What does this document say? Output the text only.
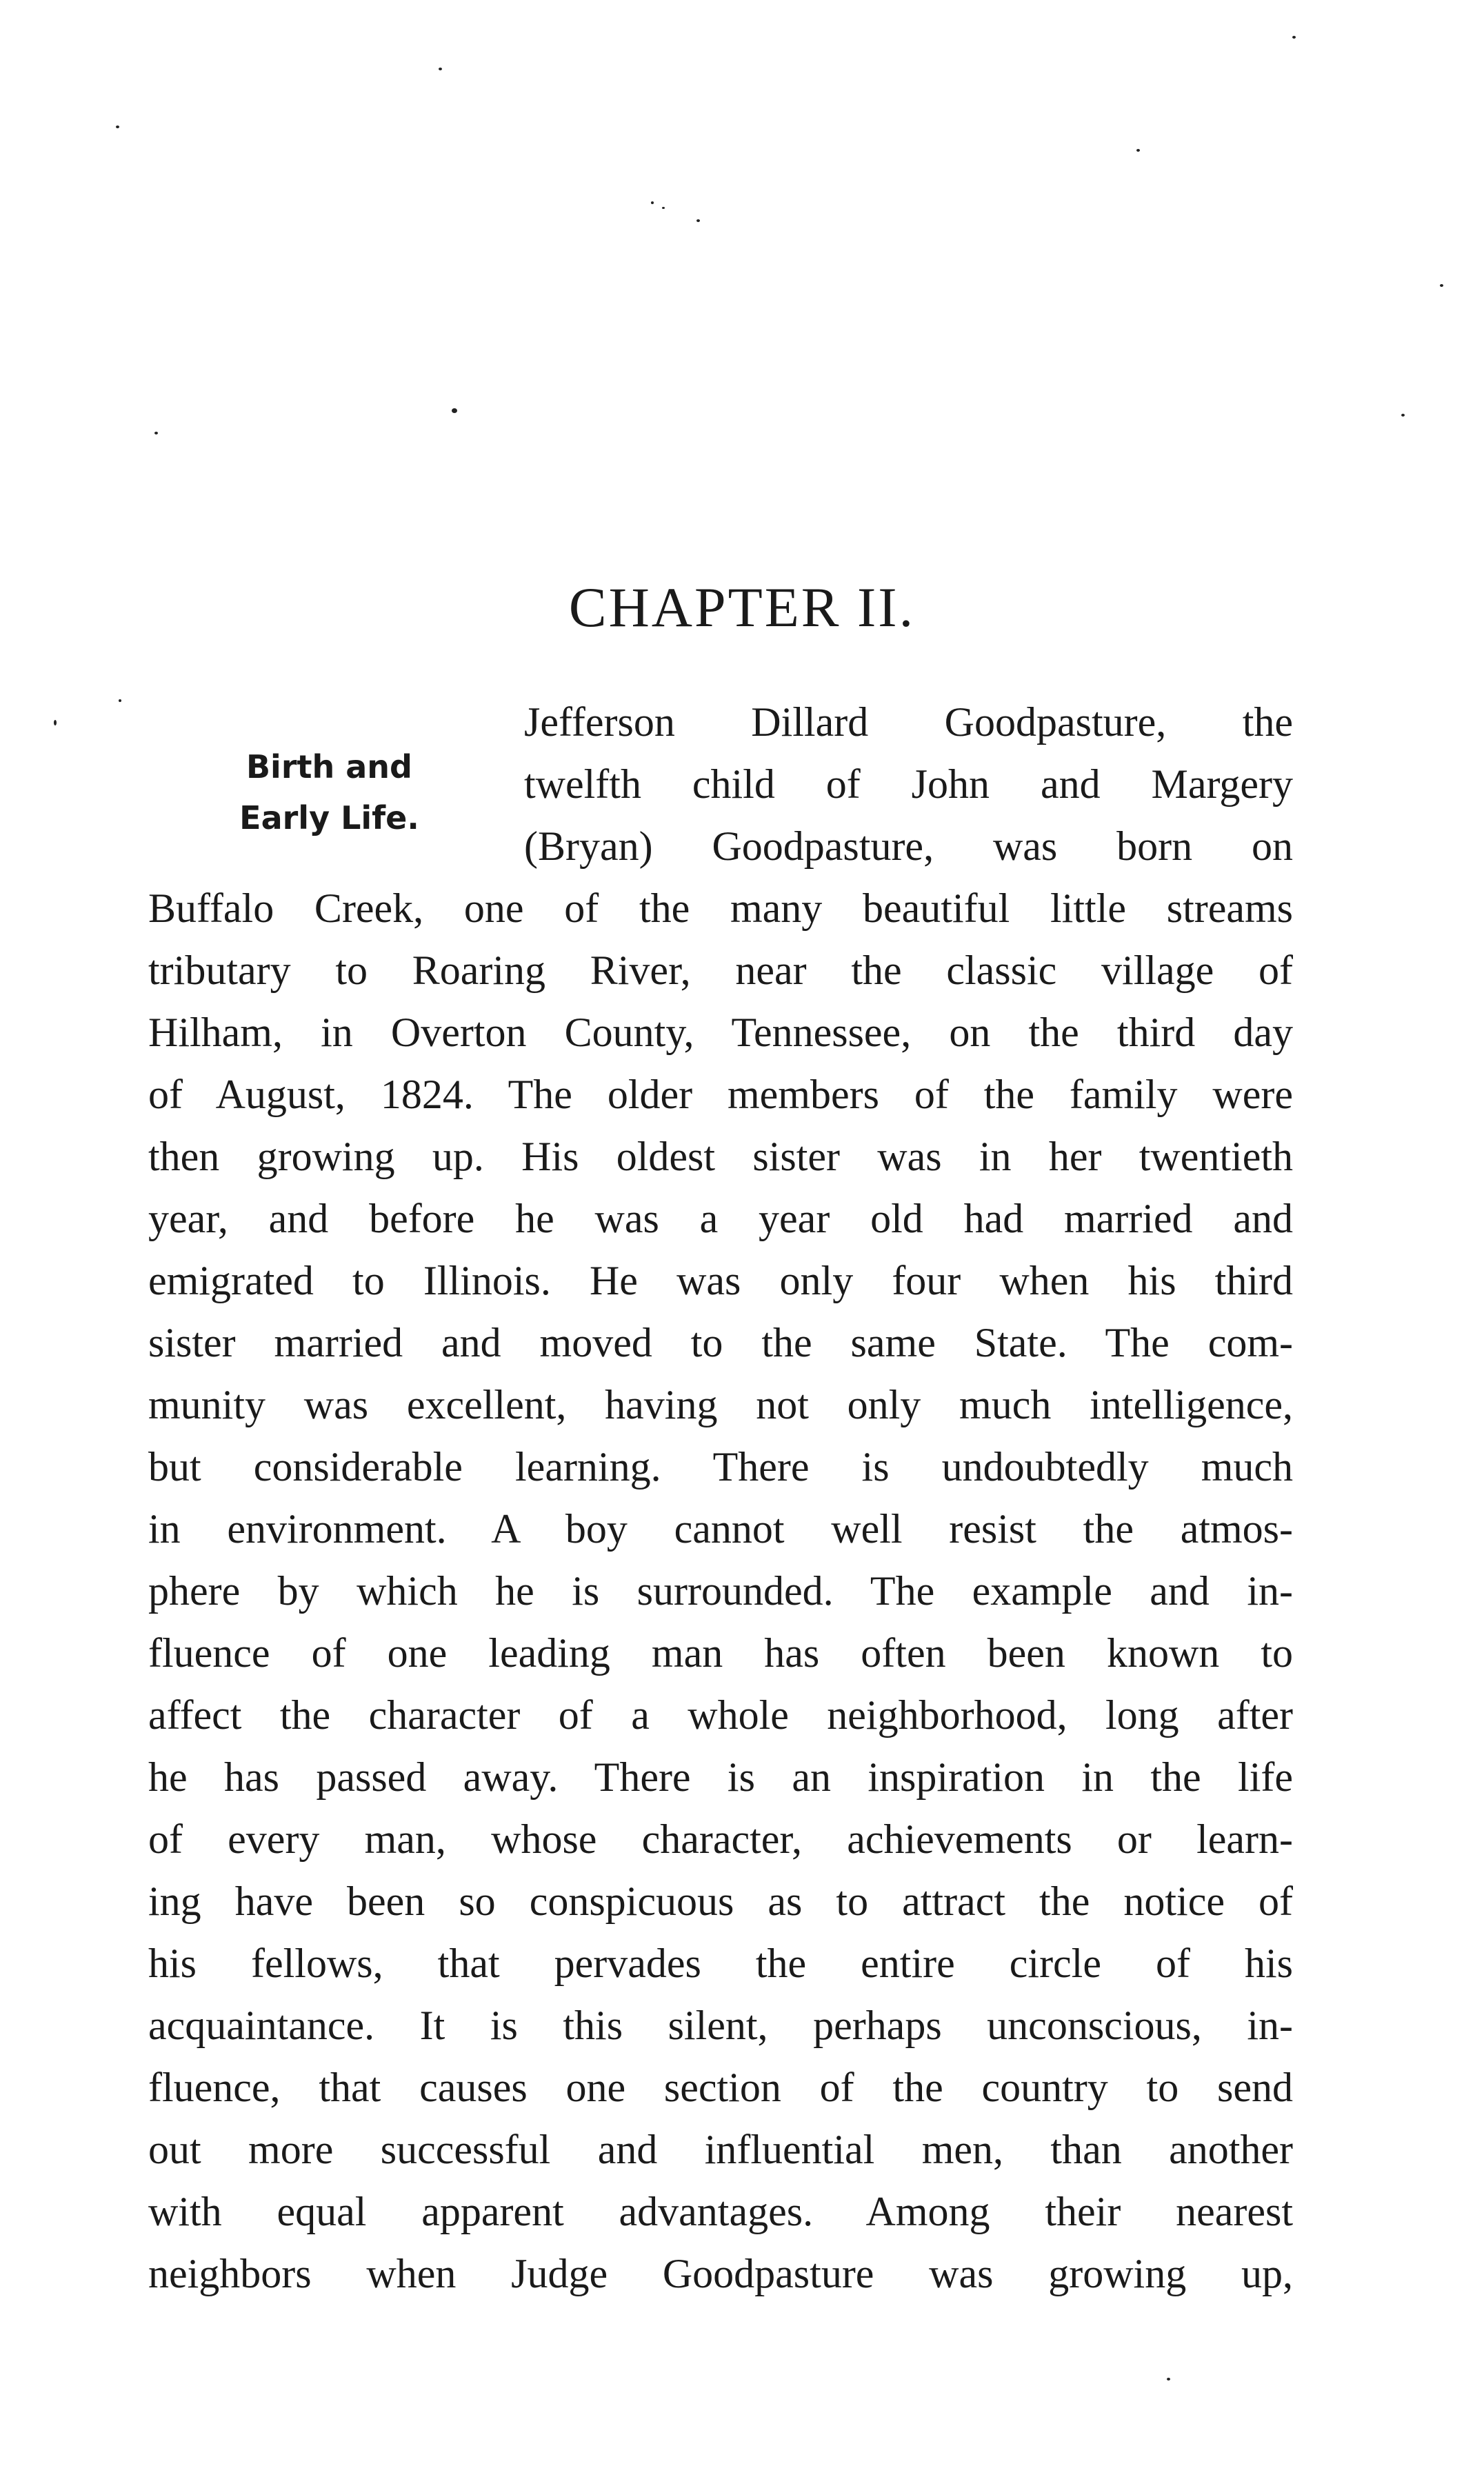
CHAPTER II.
Birth and
Early Life.
Jefferson Dillard Goodpasture, the
twelfth child of John and Margery
(Bryan) Goodpasture, was born on
Buffalo Creek, one of the many beautiful little streams
tributary to Roaring River, near the classic village of
Hilham, in Overton County, Tennessee, on the third day
of August, 1824. The older members of the family were
then growing up. His oldest sister was in her twentieth
year, and before he was a year old had married and
emigrated to Illinois. He was only four when his third
sister married and moved to the same State. The com-
munity was excellent, having not only much intelligence,
but considerable learning. There is undoubtedly much
in environment. A boy cannot well resist the atmos-
phere by which he is surrounded. The example and in-
fluence of one leading man has often been known to
affect the character of a whole neighborhood, long after
he has passed away. There is an inspiration in the life
of every man, whose character, achievements or learn-
ing have been so conspicuous as to attract the notice of
his fellows, that pervades the entire circle of his
acquaintance. It is this silent, perhaps unconscious, in-
fluence, that causes one section of the country to send
out more successful and influential men, than another
with equal apparent advantages. Among their nearest
neighbors when Judge Goodpasture was growing up,
